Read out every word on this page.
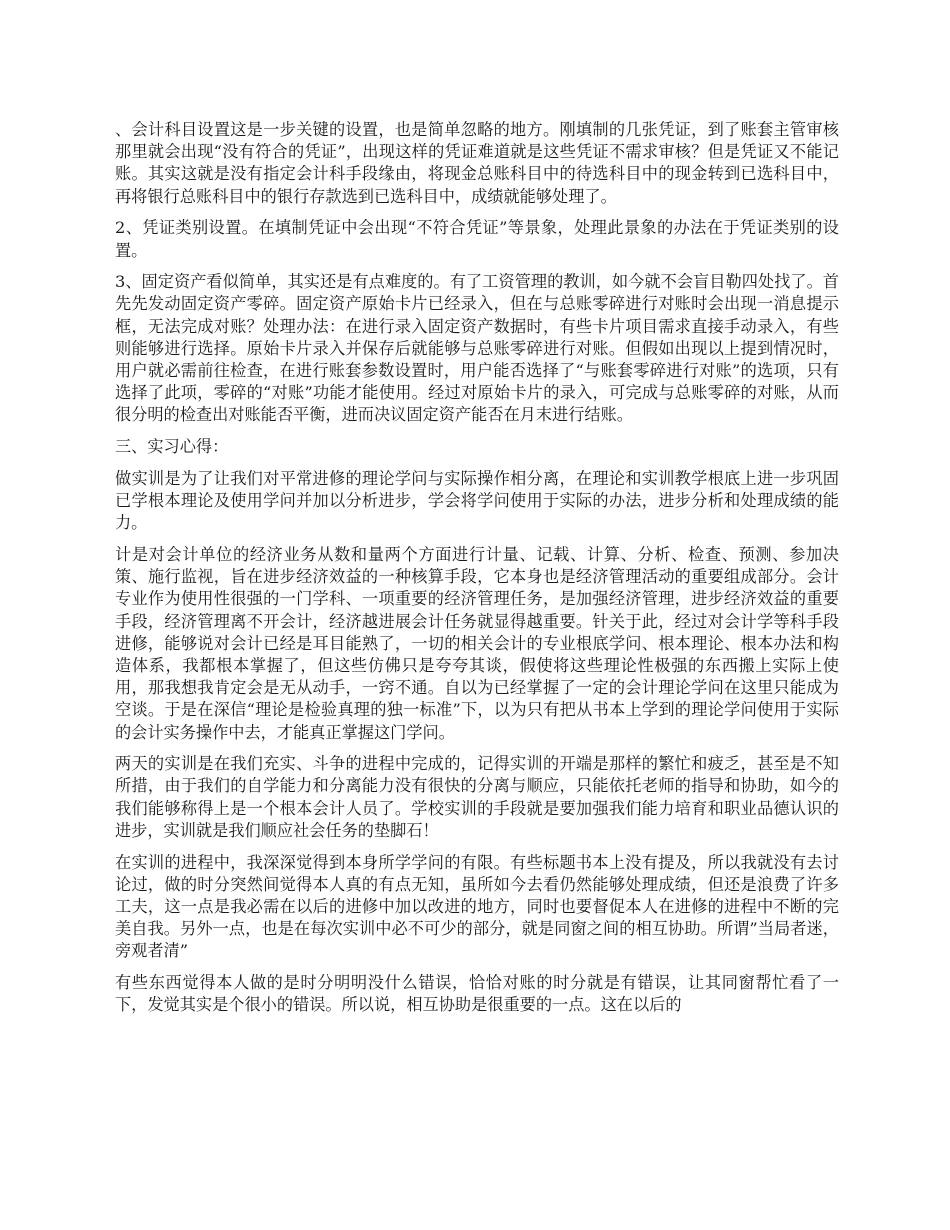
、会计科目设置这是一步关键的设置，也是简单忽略的地方。刚填制的几张凭证，到了账套主管审核那里就会出现“没有符合的凭证”，出现这样的凭证难道就是这些凭证不需求审核？但是凭证又不能记账。其实这就是没有指定会计科手段缘由，将现金总账科目中的待选科目中的现金转到已选科目中，再将银行总账科目中的银行存款选到已选科目中，成绩就能够处理了。

2、凭证类别设置。在填制凭证中会出现“不符合凭证”等景象，处理此景象的办法在于凭证类别的设置。

3、固定资产看似简单，其实还是有点难度的。有了工资管理的教训，如今就不会盲目勒四处找了。首先先发动固定资产零碎。固定资产原始卡片已经录入，但在与总账零碎进行对账时会出现一消息提示框，无法完成对账？处理办法：在进行录入固定资产数据时，有些卡片项目需求直接手动录入，有些则能够进行选择。原始卡片录入并保存后就能够与总账零碎进行对账。但假如出现以上提到情况时，用户就必需前往检查，在进行账套参数设置时，用户能否选择了“与账套零碎进行对账”的选项，只有选择了此项，零碎的“对账”功能才能使用。经过对原始卡片的录入，可完成与总账零碎的对账，从而很分明的检查出对账能否平衡，进而决议固定资产能否在月末进行结账。

三、实习心得：

做实训是为了让我们对平常进修的理论学问与实际操作相分离，在理论和实训教学根底上进一步巩固已学根本理论及使用学问并加以分析进步，学会将学问使用于实际的办法，进步分析和处理成绩的能力。

计是对会计单位的经济业务从数和量两个方面进行计量、记载、计算、分析、检查、预测、参加决策、施行监视，旨在进步经济效益的一种核算手段，它本身也是经济管理活动的重要组成部分。会计专业作为使用性很强的一门学科、一项重要的经济管理任务，是加强经济管理，进步经济效益的重要手段，经济管理离不开会计，经济越进展会计任务就显得越重要。针关于此，经过对会计学等科手段进修，能够说对会计已经是耳目能熟了，一切的相关会计的专业根底学问、根本理论、根本办法和构造体系，我都根本掌握了，但这些仿佛只是夸夸其谈，假使将这些理论性极强的东西搬上实际上使用，那我想我肯定会是无从动手，一窍不通。自以为已经掌握了一定的会计理论学问在这里只能成为空谈。于是在深信“理论是检验真理的独一标准”下，以为只有把从书本上学到的理论学问使用于实际的会计实务操作中去，才能真正掌握这门学问。

两天的实训是在我们充实、斗争的进程中完成的，记得实训的开端是那样的繁忙和疲乏，甚至是不知所措，由于我们的自学能力和分离能力没有很快的分离与顺应，只能依托老师的指导和协助，如今的我们能够称得上是一个根本会计人员了。学校实训的手段就是要加强我们能力培育和职业品德认识的进步，实训就是我们顺应社会任务的垫脚石！

在实训的进程中，我深深觉得到本身所学学问的有限。有些标题书本上没有提及，所以我就没有去讨论过，做的时分突然间觉得本人真的有点无知，虽所如今去看仍然能够处理成绩，但还是浪费了许多工夫，这一点是我必需在以后的进修中加以改进的地方，同时也要督促本人在进修的进程中不断的完美自我。另外一点，也是在每次实训中必不可少的部分，就是同窗之间的相互协助。所谓”当局者迷，旁观者清”

有些东西觉得本人做的是时分明明没什么错误，恰恰对账的时分就是有错误，让其同窗帮忙看了一下，发觉其实是个很小的错误。所以说，相互协助是很重要的一点。这在以后的
